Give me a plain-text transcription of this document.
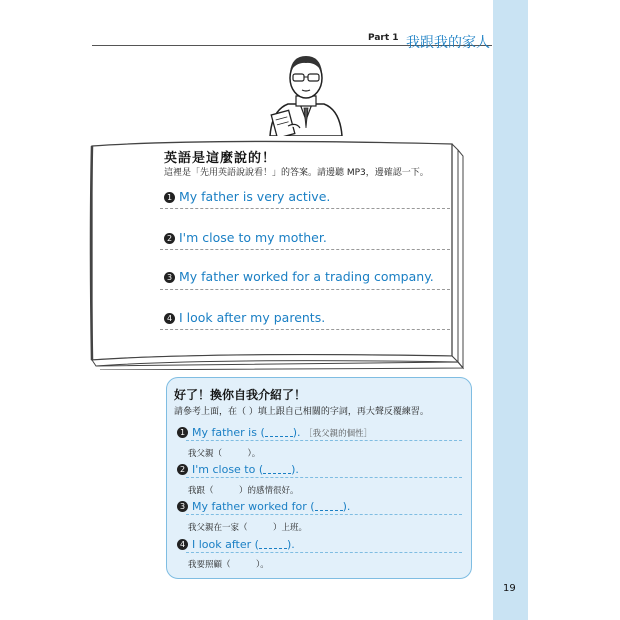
Part 1 我跟我的家人
英語是這麼說的！
這裡是「先用英語說說看！」的答案。請邊聽 MP3，邊確認一下。
1 My father is very active.
2 I'm close to my mother.
3 My father worked for a trading company.
4 I look after my parents.
好了！換你自我介紹了！
請參考上面，在（ ）填上跟自己相關的字詞，再大聲反覆練習。
1 My father is (	). ［我父親的個性］
我父親（　　　）。
2 I'm close to (	).
我跟（　　　）的感情很好。
3 My father worked for (	).
我父親在一家（　　　）上班。
4 I look after (	).
我要照顧（　　　）。
19
